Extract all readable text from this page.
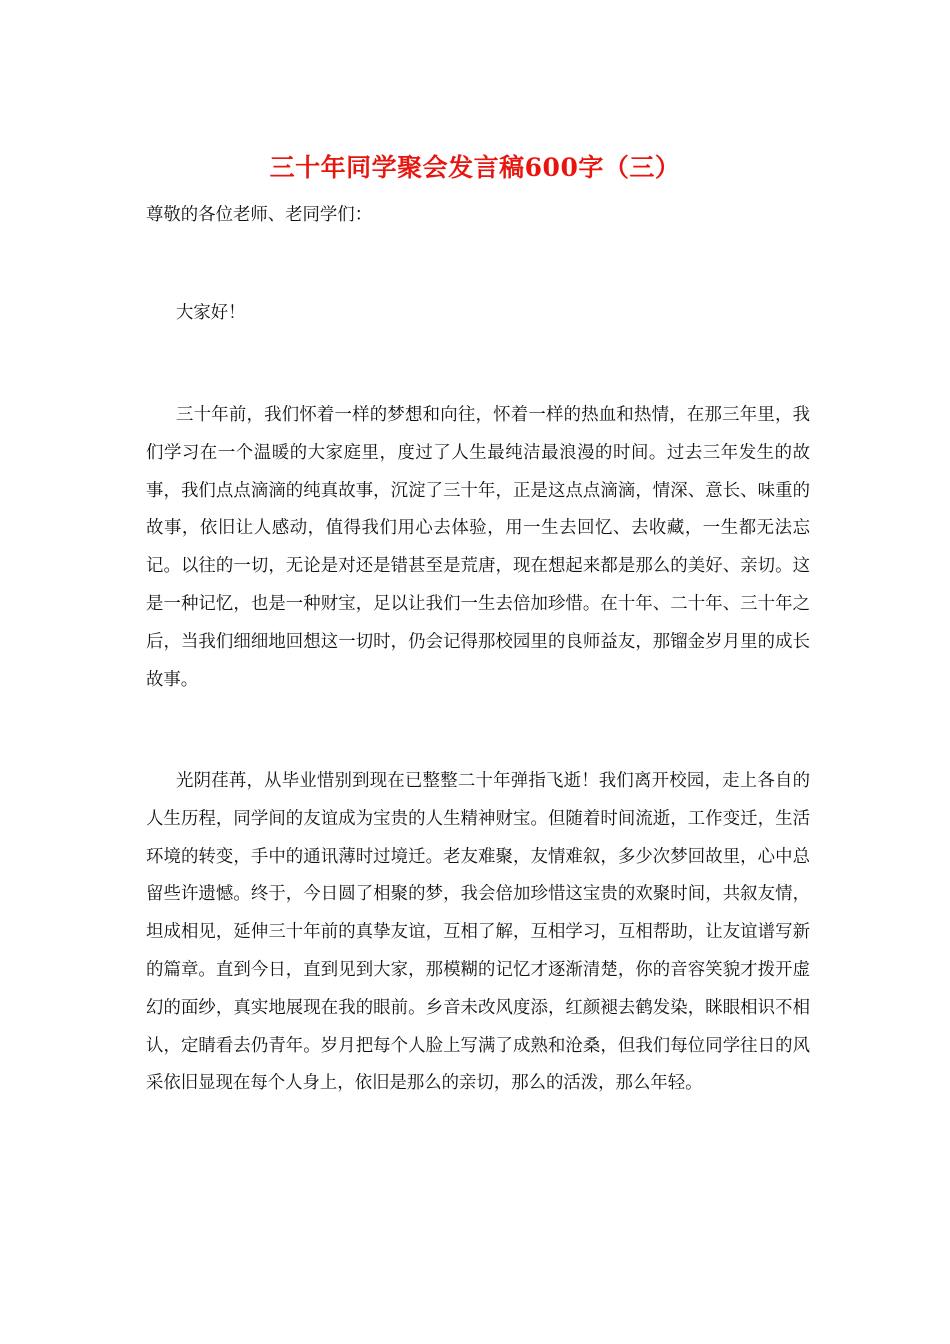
三十年同学聚会发言稿600字（三）

尊敬的各位老师、老同学们：

大家好！

三十年前，我们怀着一样的梦想和向往，怀着一样的热血和热情，在那三年里，我们学习在一个温暖的大家庭里，度过了人生最纯洁最浪漫的时间。过去三年发生的故事，我们点点滴滴的纯真故事，沉淀了三十年，正是这点点滴滴，情深、意长、味重的故事，依旧让人感动，值得我们用心去体验，用一生去回忆、去收藏，一生都无法忘记。以往的一切，无论是对还是错甚至是荒唐，现在想起来都是那么的美好、亲切。这是一种记忆，也是一种财宝，足以让我们一生去倍加珍惜。在十年、二十年、三十年之后，当我们细细地回想这一切时，仍会记得那校园里的良师益友，那镏金岁月里的成长故事。

光阴荏苒，从毕业惜别到现在已整整二十年弹指飞逝！我们离开校园，走上各自的人生历程，同学间的友谊成为宝贵的人生精神财宝。但随着时间流逝，工作变迁，生活环境的转变，手中的通讯薄时过境迁。老友难聚，友情难叙，多少次梦回故里，心中总留些许遗憾。终于，今日圆了相聚的梦，我会倍加珍惜这宝贵的欢聚时间，共叙友情，坦成相见，延伸三十年前的真挚友谊，互相了解，互相学习，互相帮助，让友谊谱写新的篇章。直到今日，直到见到大家，那模糊的记忆才逐渐清楚，你的音容笑貌才拨开虚幻的面纱，真实地展现在我的眼前。乡音未改风度添，红颜褪去鹤发染，眯眼相识不相认，定睛看去仍青年。岁月把每个人脸上写满了成熟和沧桑，但我们每位同学往日的风采依旧显现在每个人身上，依旧是那么的亲切，那么的活泼，那么年轻。
